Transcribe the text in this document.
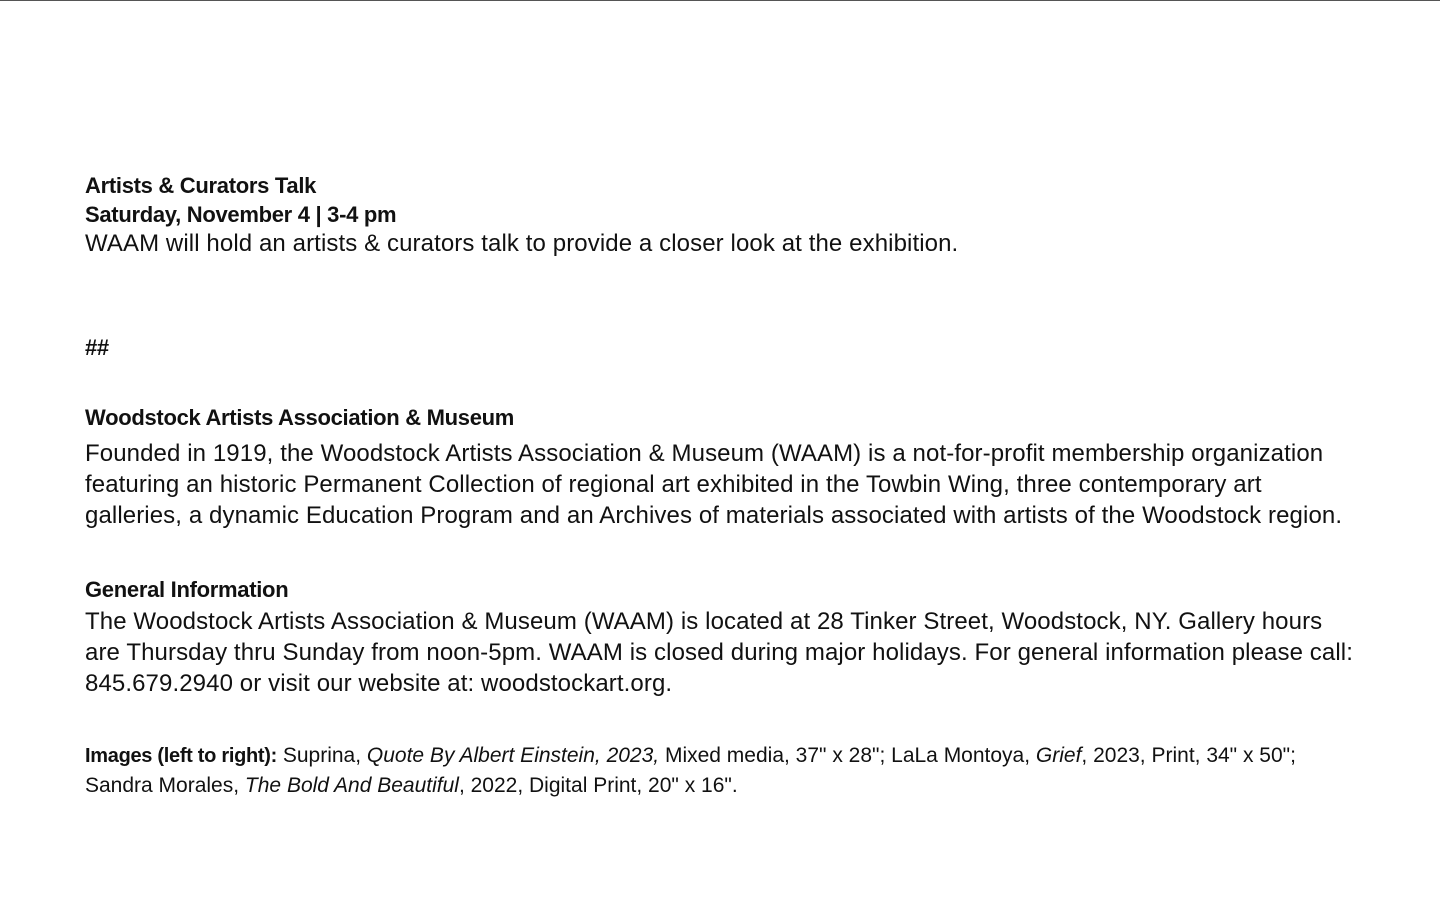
Artists & Curators Talk

Saturday, November 4 | 3-4 pm

WAAM will hold an artists & curators talk to provide a closer look at the exhibition.

##

Woodstock Artists Association & Museum

Founded in 1919, the Woodstock Artists Association & Museum (WAAM) is a not-for-profit membership organization featuring an historic Permanent Collection of regional art exhibited in the Towbin Wing, three contemporary art galleries, a dynamic Education Program and an Archives of materials associated with artists of the Woodstock region.

General Information

The Woodstock Artists Association & Museum (WAAM) is located at 28 Tinker Street, Woodstock, NY. Gallery hours are Thursday thru Sunday from noon-5pm. WAAM is closed during major holidays. For general information please call: 845.679.2940 or visit our website at: woodstockart.org.

Images (left to right): Suprina, Quote By Albert Einstein, 2023, Mixed media, 37" x 28"; LaLa Montoya, Grief, 2023, Print, 34" x 50"; Sandra Morales, The Bold And Beautiful, 2022, Digital Print, 20" x 16".
